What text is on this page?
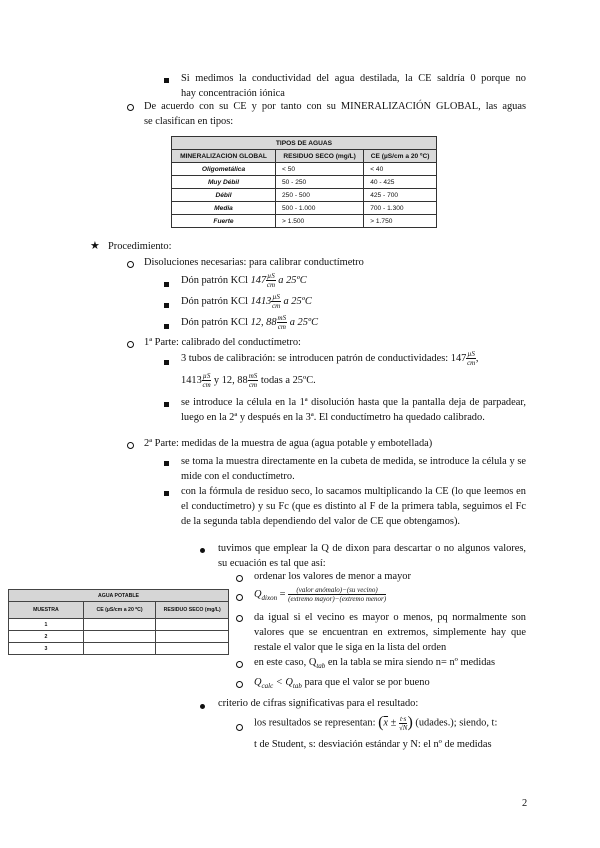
Si medimos la conductividad del agua destilada, la CE saldría 0 porque no
hay concentración iónica
De acuerdo con su CE y por tanto con su MINERALIZACIÓN GLOBAL, las aguas
se clasifican en tipos:
TIPOS DE AGUAS		
MINERALIZACION GLOBAL	RESIDUO SECO (mg/L)	CE (µS/cm a 20 ºC)
Oligometálica	< 50	< 40
Muy Débil	50 - 250	40 - 425
Débil	250 - 500	425 - 700
Media	500 - 1.000	700 - 1.300
Fuerte	> 1.500	> 1.750
★ Procedimiento:
Disoluciones necesarias: para calibrar conductímetro
Dón patrón KCl $147 \frac{\text{µS}}{cm}$ a 25ºC
Dón patrón KCl $1413 \frac{\text{µS}}{cm}$ a 25ºC
Dón patrón KCl 12, $88 \frac{mS}{cm}$ a 25ºC
1ª Parte: calibrado del conductímetro:
3 tubos de calibración: se introducen patrón de conductividades: $147 \frac{\text{µS}}{cm}$ ,
$1413 \frac{\text{µS}}{cm}$ y 12, $88 \frac{mS}{cm}$ todas a 25ºC.
se introduce la célula en la 1ª disolución hasta que la pantalla deja de parpadear, luego en la 2ª y después en la 3ª. El conductímetro ha quedado calibrado.
2ª Parte: medidas de la muestra de agua (agua potable y embotellada)
se toma la muestra directamente en la cubeta de medida, se introduce la célula y se mide con el conductímetro.
con la fórmula de residuo seco, lo sacamos multiplicando la CE (lo que leemos en el conductímetro) y su Fc (que es distinto al F de la primera tabla, seguimos el Fc de la segunda tabla dependiendo del valor de CE que obtengamos).
tuvimos que emplear la Q de dixon para descartar o no algunos valores, su ecuación es tal que así:
ordenar los valores de menor a mayor
$Q_{dixon} = \frac{\text{(valor anómalo)−(su vecino)}}{\text{(extremo mayor)−(extremo menor)}}$
da igual si el vecino es mayor o menos, pq normalmente son valores que se encuentran en extremos, simplemente hay que restale el valor que le siga en la lista del orden
en este caso, $Q_{tab}$ en la tabla se mira siendo n= nº medidas
$Q_{calc} < Q_{tab}$ para que el valor se por bueno
criterio de cifras significativas para el resultado:
los resultados se representan: ($\overline{x} \pm \frac{t\cdot s}{√N}$ ) (udades.); siendo, t:
t de Student, s: desviación estándar y N: el nº de medidas
AGUA POTABLE		
MUESTRA	CE (µS/cm a 20 ºC)	RESIDUO SECO (mg/L)
1		
2		
3		
2
